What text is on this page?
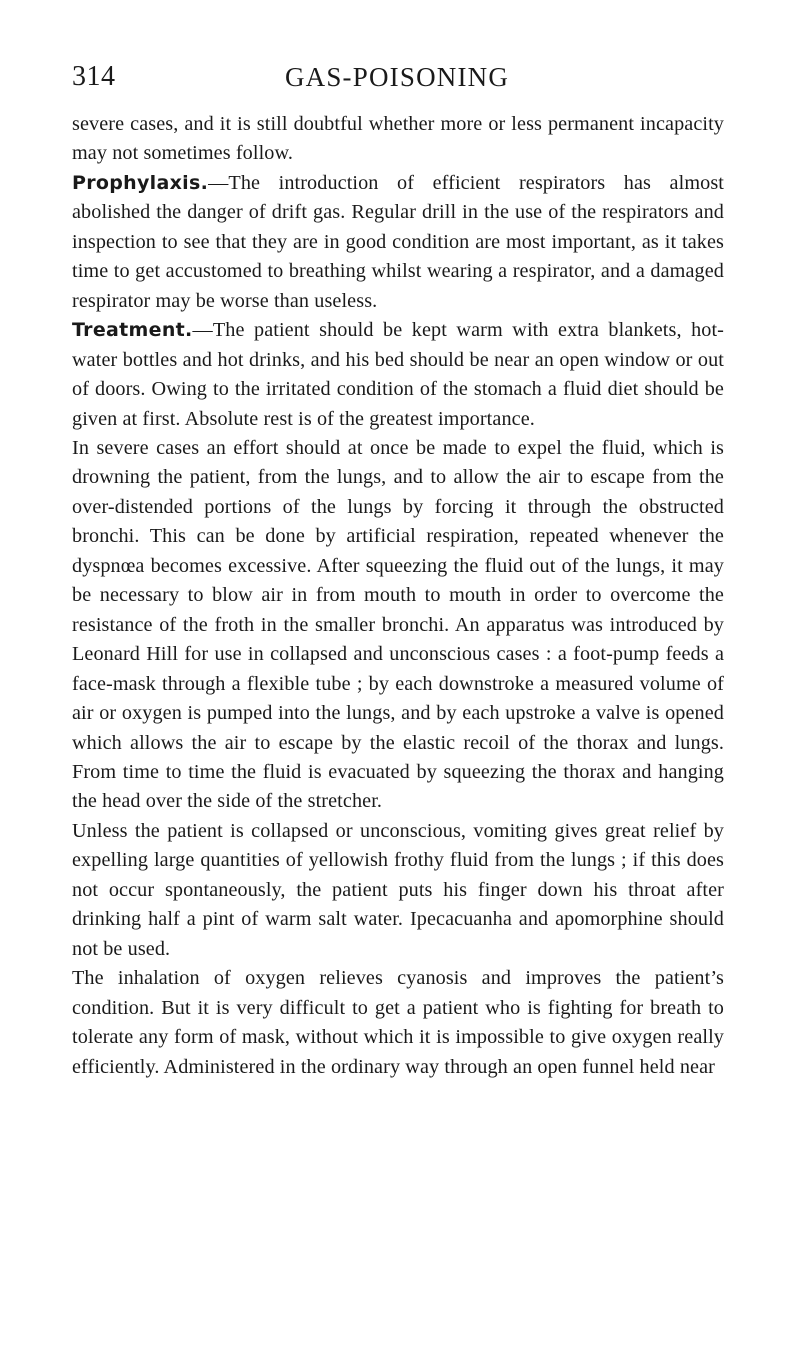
314	GAS-POISONING

severe cases, and it is still doubtful whether more or less permanent incapacity may not sometimes follow.

Prophylaxis.—The introduction of efficient respirators has almost abolished the danger of drift gas. Regular drill in the use of the respirators and inspection to see that they are in good condition are most important, as it takes time to get accustomed to breathing whilst wearing a respirator, and a damaged respirator may be worse than useless.

Treatment.—The patient should be kept warm with extra blankets, hot-water bottles and hot drinks, and his bed should be near an open window or out of doors. Owing to the irritated condition of the stomach a fluid diet should be given at first. Absolute rest is of the greatest importance.

In severe cases an effort should at once be made to expel the fluid, which is drowning the patient, from the lungs, and to allow the air to escape from the over-distended portions of the lungs by forcing it through the obstructed bronchi. This can be done by artificial respiration, repeated whenever the dyspnœa becomes excessive. After squeezing the fluid out of the lungs, it may be necessary to blow air in from mouth to mouth in order to overcome the resistance of the froth in the smaller bronchi. An apparatus was introduced by Leonard Hill for use in collapsed and unconscious cases : a foot-pump feeds a face-mask through a flexible tube ; by each downstroke a measured volume of air or oxygen is pumped into the lungs, and by each upstroke a valve is opened which allows the air to escape by the elastic recoil of the thorax and lungs. From time to time the fluid is evacuated by squeezing the thorax and hanging the head over the side of the stretcher.

Unless the patient is collapsed or unconscious, vomiting gives great relief by expelling large quantities of yellowish frothy fluid from the lungs ; if this does not occur spontaneously, the patient puts his finger down his throat after drinking half a pint of warm salt water. Ipecacuanha and apomorphine should not be used.

The inhalation of oxygen relieves cyanosis and improves the patient’s condition. But it is very difficult to get a patient who is fighting for breath to tolerate any form of mask, without which it is impossible to give oxygen really efficiently. Administered in the ordinary way through an open funnel held near
